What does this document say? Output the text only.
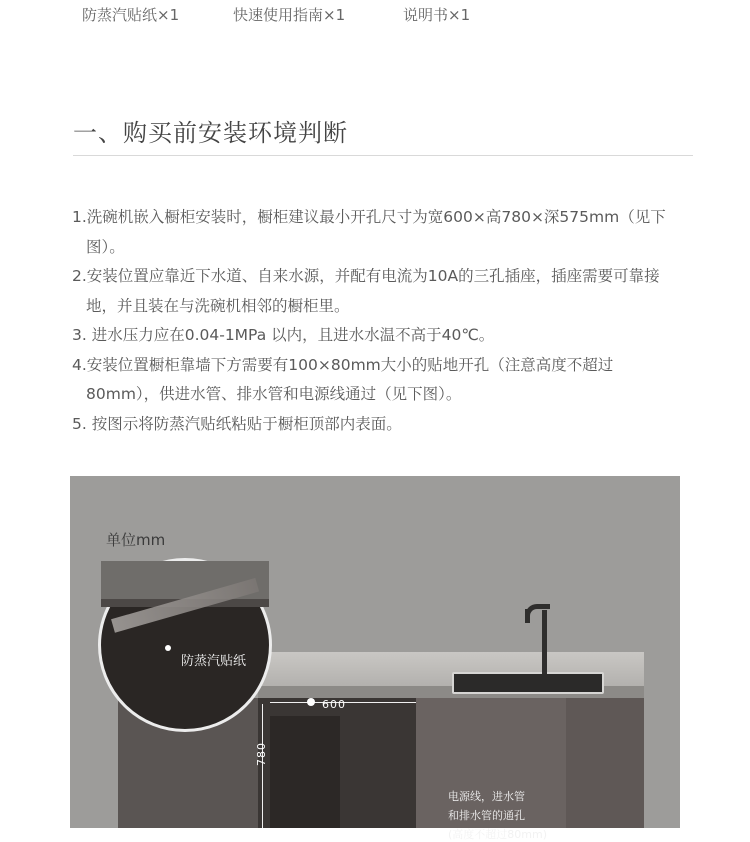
防蒸汽贴纸×1	快速使用指南×1	说明书×1
一、购买前安装环境判断
1.洗碗机嵌入橱柜安装时，橱柜建议最小开孔尺寸为宽600×高780×深575mm（见下
图）。
2.安装位置应靠近下水道、自来水源，并配有电流为10A的三孔插座，插座需要可靠接
地，并且装在与洗碗机相邻的橱柜里。
3. 进水压力应在0.04-1MPa 以内，且进水水温不高于40℃。
4.安装位置橱柜靠墙下方需要有100×80mm大小的贴地开孔（注意高度不超过
80mm），供进水管、排水管和电源线通过（见下图）。
5. 按图示将防蒸汽贴纸粘贴于橱柜顶部内表面。
单位mm
600
780
电源线，进水管
和排水管的通孔
(高度不超过80mm)
防蒸汽贴纸
